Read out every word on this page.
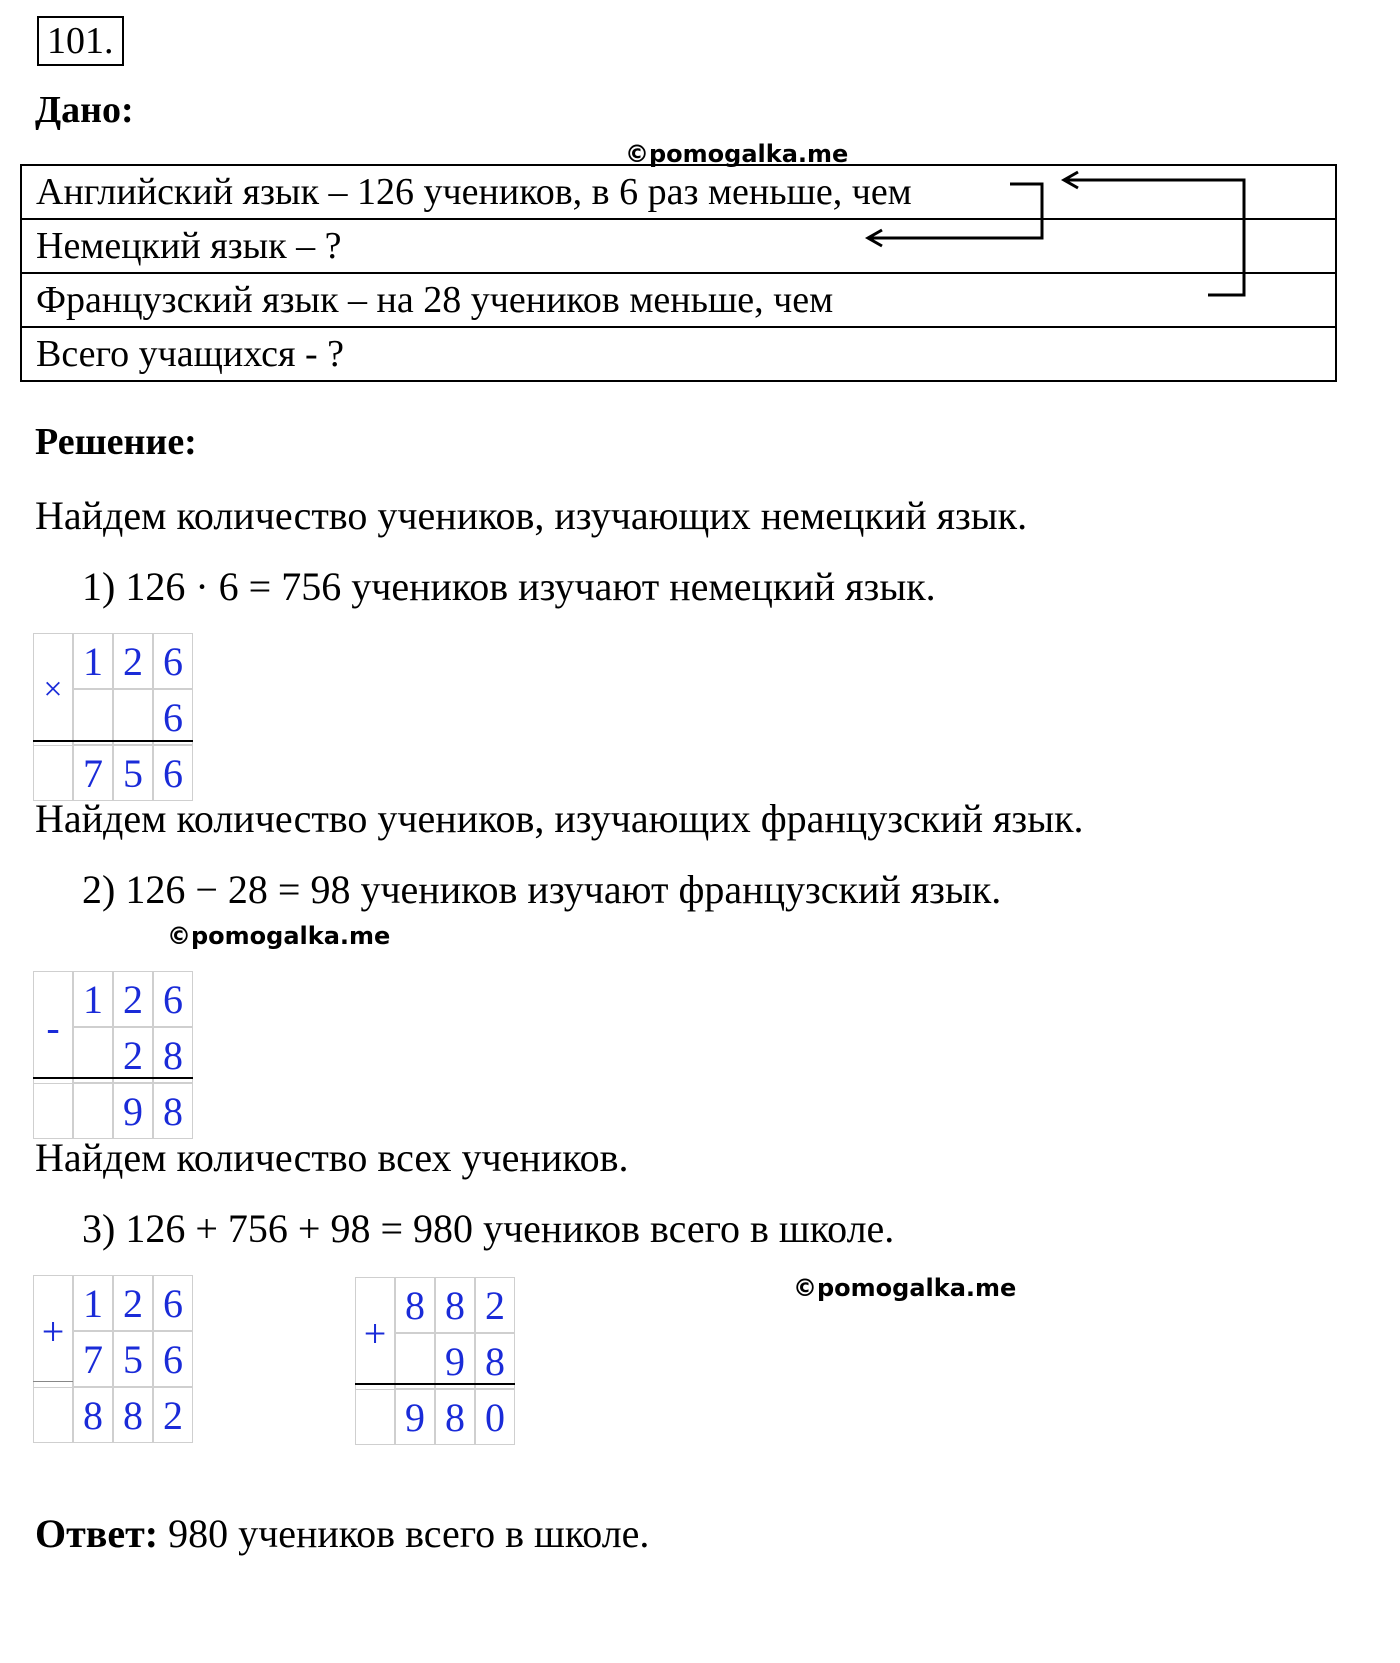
101.
Дано:
Английский язык – 126 учеников, в 6 раз меньше, чем
Немецкий язык – ?
Французский язык – на 28 учеников меньше, чем
Всего учащихся - ?
©pomogalka.me
Решение:
Найдем количество учеников, изучающих немецкий язык.
1) 126 · 6 = 756 учеников изучают немецкий язык.
×
1 2 6
6
7 5 6
Найдем количество учеников, изучающих французский язык.
2) 126 − 28 = 98 учеников изучают французский язык.
©pomogalka.me
-
1 2 6
2 8
9 8
Найдем количество всех учеников.
3) 126 + 756 + 98 = 980 учеников всего в школе.
©pomogalka.me
+
1 2 6
7 5 6
8 8 2
+
8 8 2
9 8
9 8 0
Ответ: 980 учеников всего в школе.
